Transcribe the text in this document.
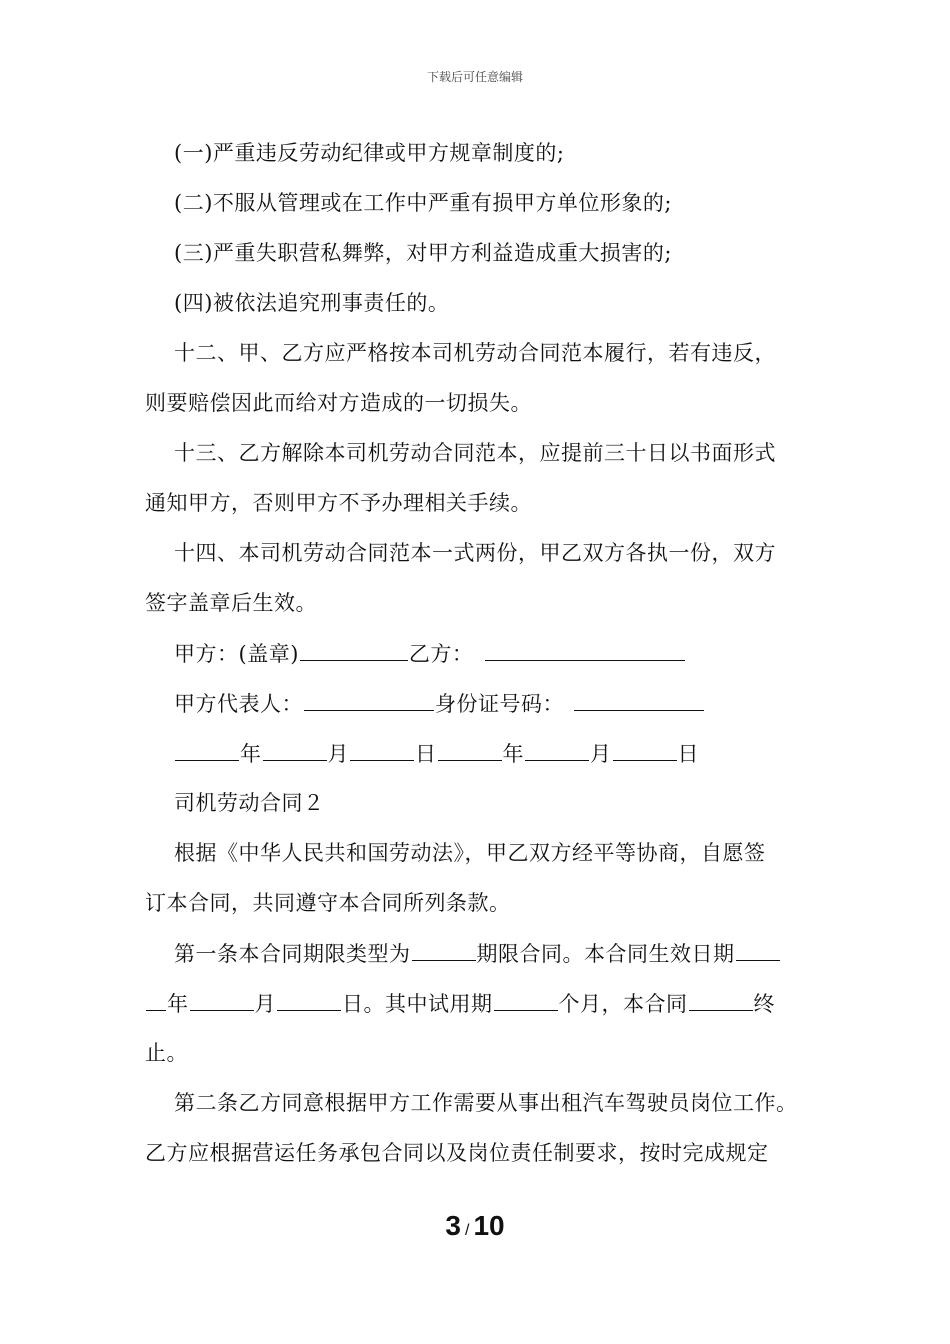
下载后可任意编辑
(一)严重违反劳动纪律或甲方规章制度的;
(二)不服从管理或在工作中严重有损甲方单位形象的;
(三)严重失职营私舞弊，对甲方利益造成重大损害的;
(四)被依法追究刑事责任的。
十二、甲、乙方应严格按本司机劳动合同范本履行，若有违反，
则要赔偿因此而给对方造成的一切损失。
十三、乙方解除本司机劳动合同范本，应提前三十日以书面形式
通知甲方，否则甲方不予办理相关手续。
十四、本司机劳动合同范本一式两份，甲乙双方各执一份，双方
签字盖章后生效。
甲方：(盖章)	乙方：
甲方代表人：	身份证号码：
年	月	日	年	月	日
司机劳动合同２
根据《中华人民共和国劳动法》，甲乙双方经平等协商，自愿签
订本合同，共同遵守本合同所列条款。
第一条本合同期限类型为	期限合同。本合同生效日期
年	月	日。其中试用期	个月，本合同	终
止。
第二条乙方同意根据甲方工作需要从事出租汽车驾驶员岗位工作。
乙方应根据营运任务承包合同以及岗位责任制要求，按时完成规定
3 / 10
